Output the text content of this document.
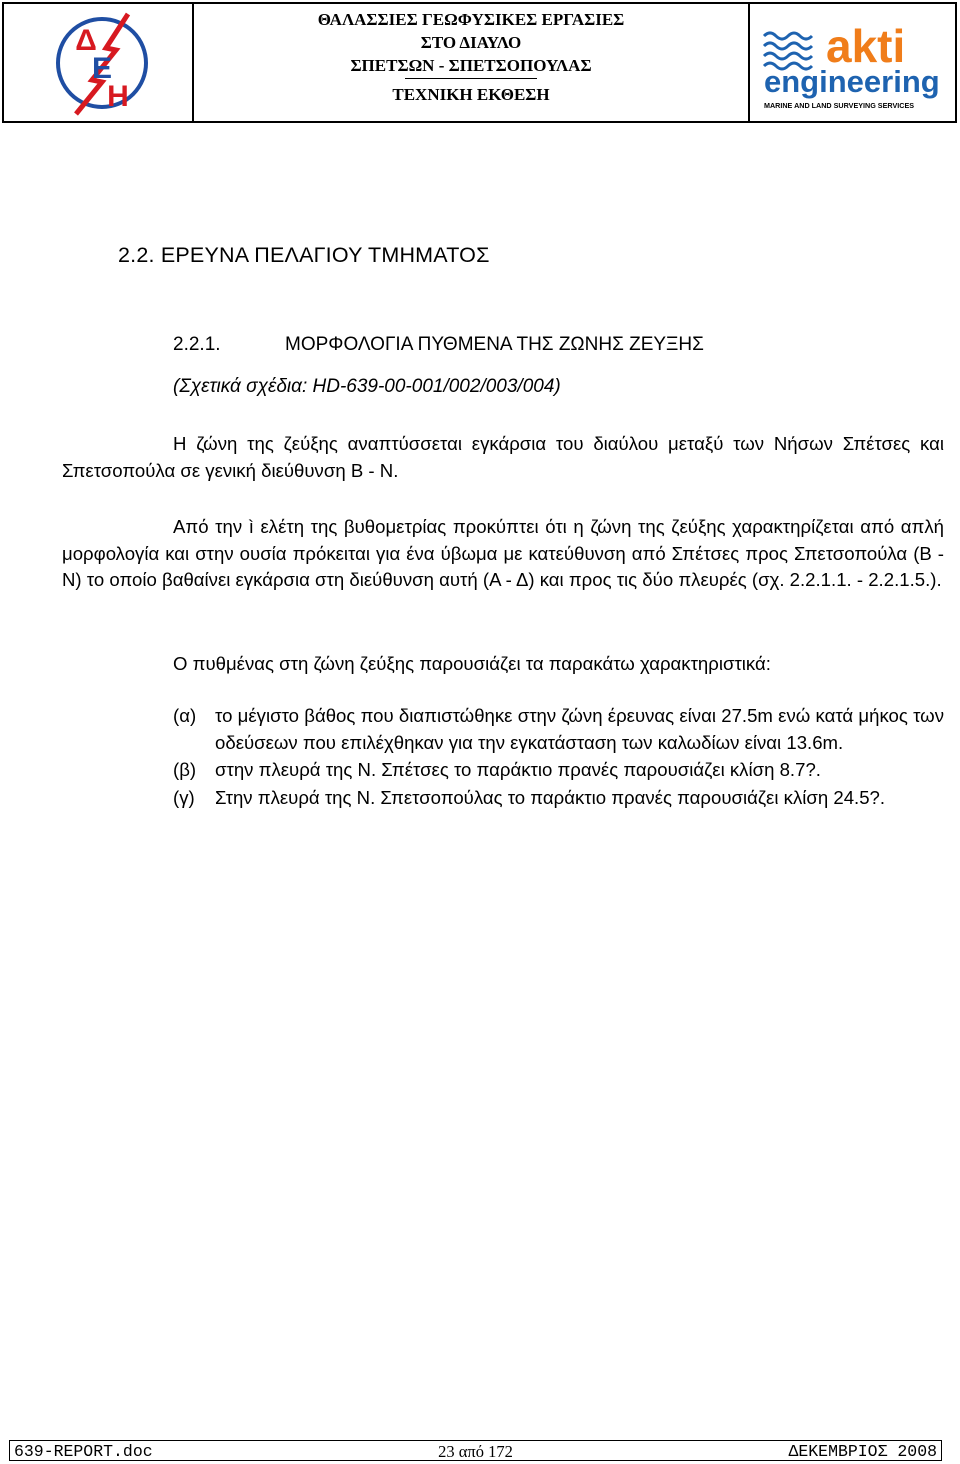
Δ
Ε
Η
ΘΑΛΑΣΣΙΕΣ ΓΕΩΦΥΣΙΚΕΣ ΕΡΓΑΣΙΕΣ
ΣΤΟ ΔΙΑΥΛΟ
ΣΠΕΤΣΩΝ - ΣΠΕΤΣΟΠΟΥΛΑΣ
ΤΕΧΝΙΚΗ ΕΚΘΕΣΗ
akti
engineering
MARINE AND LAND SURVEYING SERVICES
2.2. ΕΡΕΥΝΑ ΠΕΛΑΓΙΟΥ ΤΜΗΜΑΤΟΣ
2.2.1.	ΜΟΡΦΟΛΟΓΙΑ ΠΥΘΜΕΝΑ ΤΗΣ ΖΩΝΗΣ ΖΕΥΞΗΣ
(Σχετικά σχέδια: HD-639-00-001/002/003/004)

Η ζώνη της ζεύξης αναπτύσσεται εγκάρσια του διαύλου μεταξύ των Νήσων Σπέτσες και Σπετσοπούλα σε γενική διεύθυνση Β - Ν.

Από την ì ελέτη της βυθομετρίας προκύπτει ότι η ζώνη της ζεύξης χαρακτηρίζεται από απλή μορφολογία και στην ουσία πρόκειται για ένα ύβωμα με κατεύθυνση από Σπέτσες προς Σπετσοπούλα (Β - Ν) το οποίο βαθαίνει εγκάρσια στη διεύθυνση αυτή (Α - Δ) και προς τις δύο πλευρές (σχ. 2.2.1.1. - 2.2.1.5.).

Ο πυθμένας στη ζώνη ζεύξης παρουσιάζει τα παρακάτω χαρακτηριστικά:

(α)	το μέγιστο βάθος που διαπιστώθηκε στην ζώνη έρευνας είναι 27.5m ενώ κατά μήκος των οδεύσεων που επιλέχθηκαν για την εγκατάσταση των καλωδίων είναι 13.6m.
(β)	στην πλευρά της Ν. Σπέτσες το παράκτιο πρανές παρουσιάζει κλίση 8.7?.
(γ)	Στην πλευρά της Ν. Σπετσοπούλας το παράκτιο πρανές παρουσιάζει κλίση 24.5?.
23 από 172
639-REPORT.doc	ΔΕΚΕΜΒΡΙΟΣ 2008
